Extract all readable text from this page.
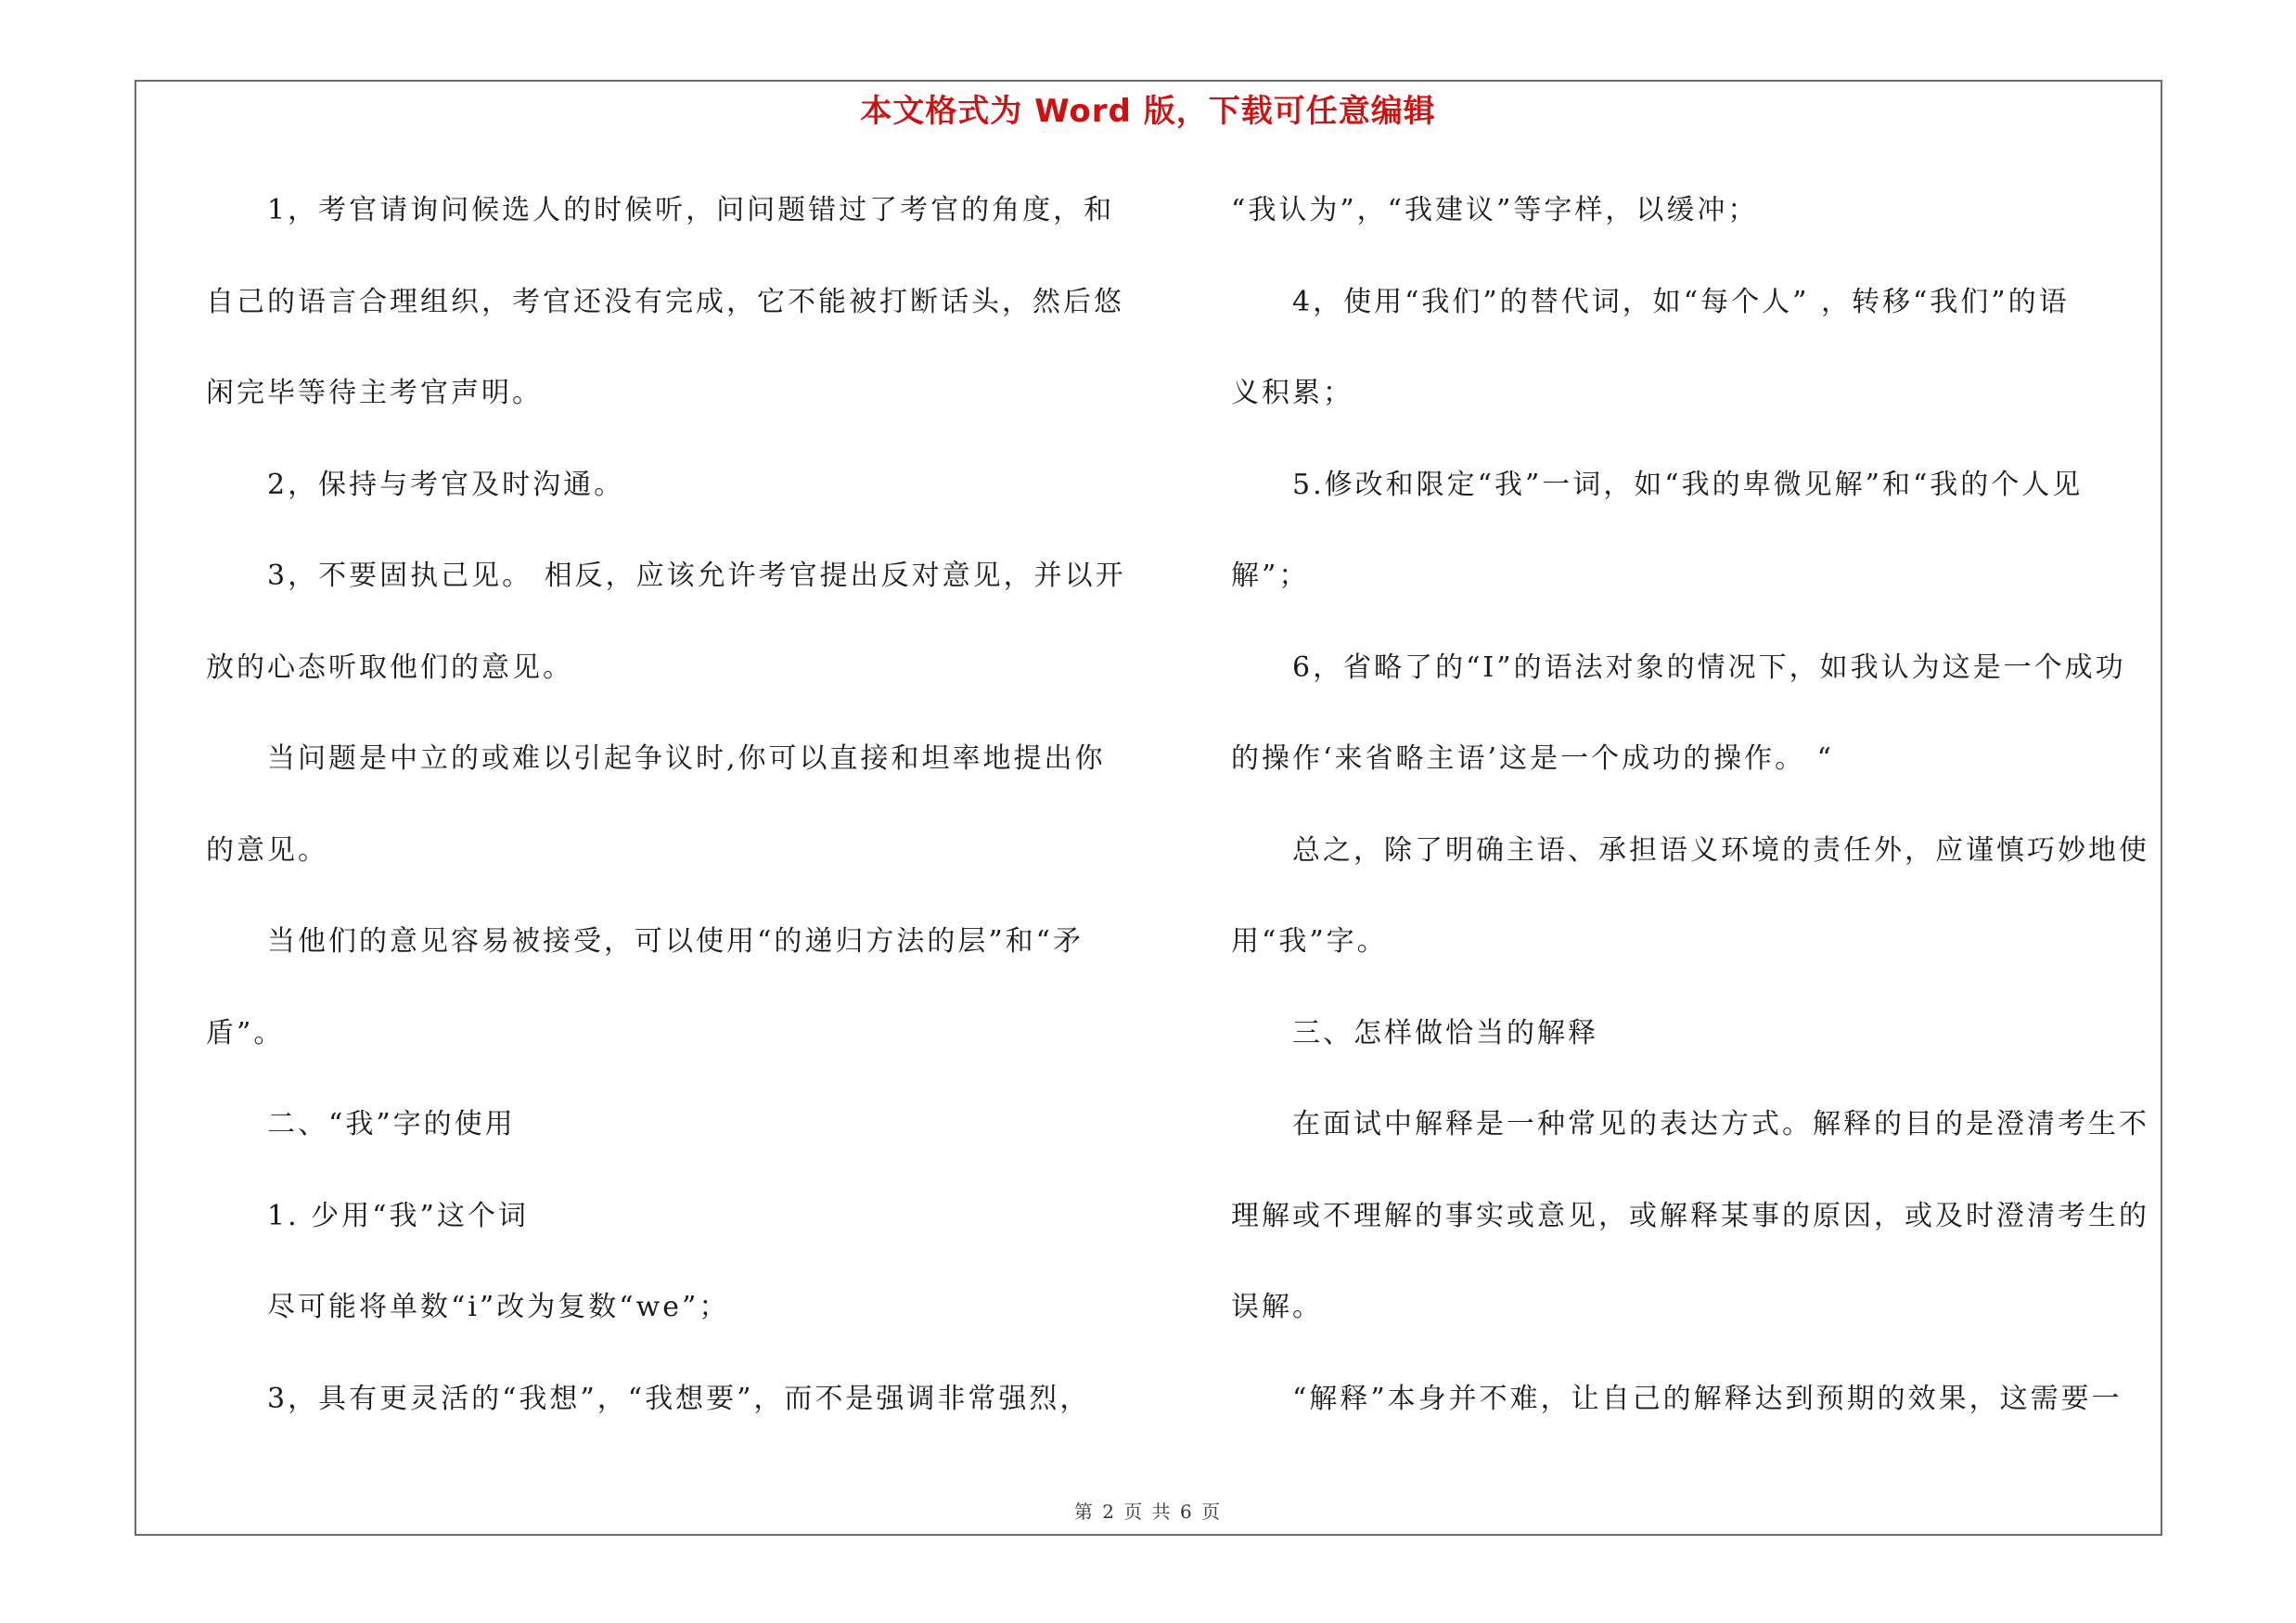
本文格式为 Word 版，下载可任意编辑
1，考官请询问候选人的时候听，问问题错过了考官的角度，和
自己的语言合理组织，考官还没有完成，它不能被打断话头，然后悠
闲完毕等待主考官声明。
2，保持与考官及时沟通。
3，不要固执己见。 相反，应该允许考官提出反对意见，并以开
放的心态听取他们的意见。
当问题是中立的或难以引起争议时,你可以直接和坦率地提出你
的意见。
当他们的意见容易被接受，可以使用“的递归方法的层”和“矛
盾”。
二、“我”字的使用
1. 少用“我”这个词
尽可能将单数“i”改为复数“we”；
3，具有更灵活的“我想”，“我想要”，而不是强调非常强烈，
“我认为”，“我建议”等字样，以缓冲；
4，使用“我们”的替代词，如“每个人” ，转移“我们”的语
义积累；
5.修改和限定“我”一词，如“我的卑微见解”和“我的个人见
解”；
6，省略了的“I”的语法对象的情况下，如我认为这是一个成功
的操作‘来省略主语’这是一个成功的操作。 “
总之，除了明确主语、承担语义环境的责任外，应谨慎巧妙地使
用“我”字。
三、怎样做恰当的解释
在面试中解释是一种常见的表达方式。解释的目的是澄清考生不
理解或不理解的事实或意见，或解释某事的原因，或及时澄清考生的
误解。
“解释”本身并不难，让自己的解释达到预期的效果，这需要一
第 2 页 共 6 页
